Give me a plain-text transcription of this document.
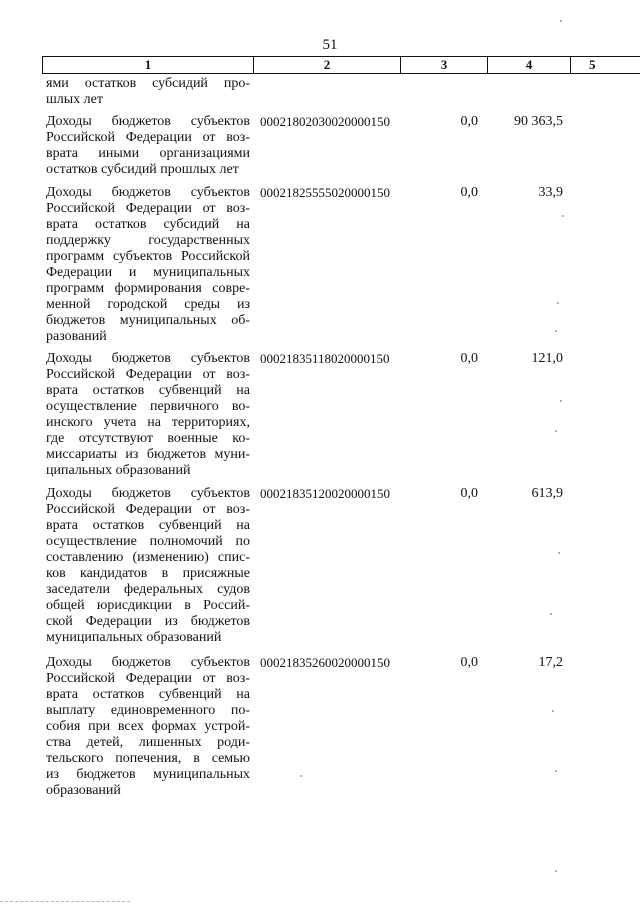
51
1	2	3	4	5
ями остатков субсидий про-
шлых лет
Доходы бюджетов субъектов
Российской Федерации от воз-
врата иными организациями
остатков субсидий прошлых лет
00021802030020000150	0,0	90 363,5
Доходы бюджетов субъектов
Российской Федерации от воз-
врата остатков субсидий на
поддержку государственных
программ субъектов Российской
Федерации и муниципальных
программ формирования совре-
менной городской среды из
бюджетов муниципальных об-
разований
00021825555020000150	0,0	33,9
Доходы бюджетов субъектов
Российской Федерации от воз-
врата остатков субвенций на
осуществление первичного во-
инского учета на территориях,
где отсутствуют военные ко-
миссариаты из бюджетов муни-
ципальных образований
00021835118020000150	0,0	121,0
Доходы бюджетов субъектов
Российской Федерации от воз-
врата остатков субвенций на
осуществление полномочий по
составлению (изменению) спис-
ков кандидатов в присяжные
заседатели федеральных судов
общей юрисдикции в Россий-
ской Федерации из бюджетов
муниципальных образований
00021835120020000150	0,0	613,9
Доходы бюджетов субъектов
Российской Федерации от воз-
врата остатков субвенций на
выплату единовременного по-
собия при всех формах устрой-
ства детей, лишенных роди-
тельского попечения, в семью
из бюджетов муниципальных
образований
00021835260020000150	0,0	17,2
